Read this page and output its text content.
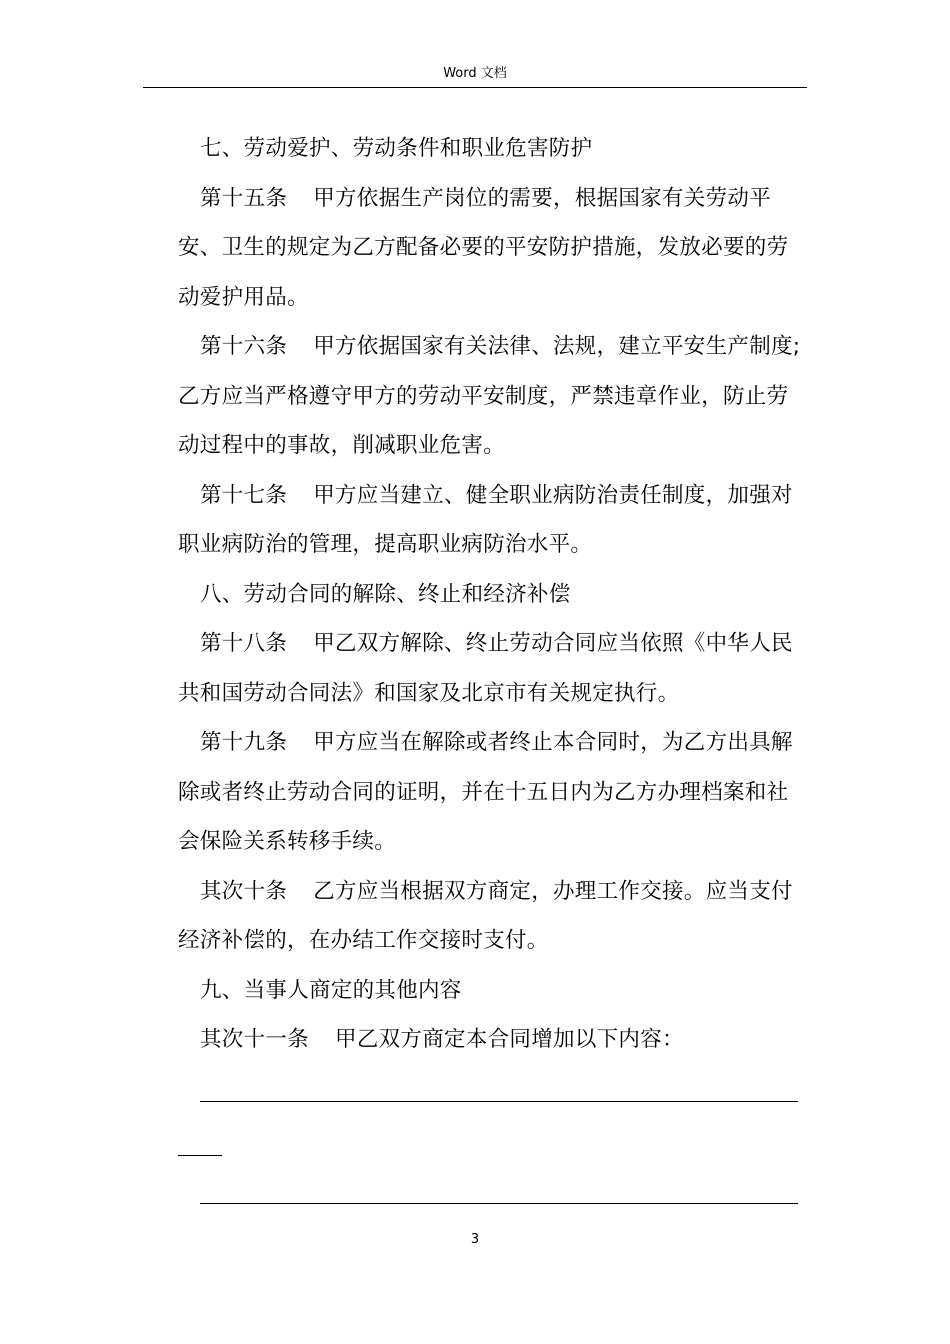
Word 文档

七、劳动爱护、劳动条件和职业危害防护

第十五条 甲方依据生产岗位的需要，根据国家有关劳动平安、卫生的规定为乙方配备必要的平安防护措施，发放必要的劳动爱护用品。

第十六条 甲方依据国家有关法律、法规，建立平安生产制度;乙方应当严格遵守甲方的劳动平安制度，严禁违章作业，防止劳动过程中的事故，削减职业危害。

第十七条 甲方应当建立、健全职业病防治责任制度，加强对职业病防治的管理，提高职业病防治水平。

八、劳动合同的解除、终止和经济补偿

第十八条 甲乙双方解除、终止劳动合同应当依照《中华人民共和国劳动合同法》和国家及北京市有关规定执行。

第十九条 甲方应当在解除或者终止本合同时，为乙方出具解除或者终止劳动合同的证明，并在十五日内为乙方办理档案和社会保险关系转移手续。

其次十条 乙方应当根据双方商定，办理工作交接。应当支付经济补偿的，在办结工作交接时支付。

九、当事人商定的其他内容

其次十一条 甲乙双方商定本合同增加以下内容：

3
